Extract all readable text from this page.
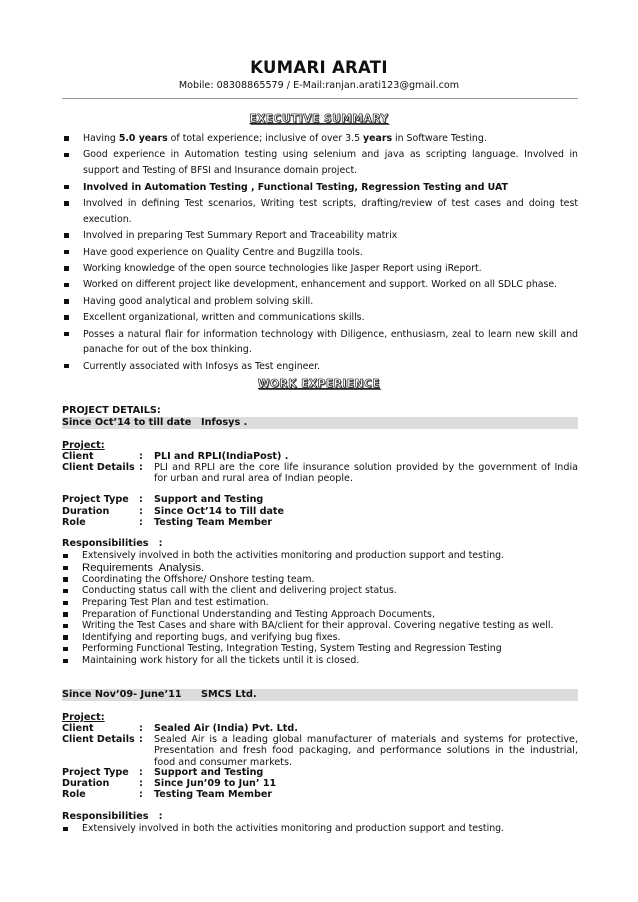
KUMARI ARATI
Mobile: 08308865579 / E-Mail:ranjan.arati123@gmail.com
EXECUTIVE SUMMARY
Having 5.0 years of total experience; inclusive of over 3.5 years in Software Testing.
Good experience in Automation testing using selenium and java as scripting language. Involved in support and Testing of BFSI and Insurance domain project.
Involved in Automation Testing , Functional Testing, Regression Testing and UAT
Involved in defining Test scenarios, Writing test scripts, drafting/review of test cases and doing test execution.
Involved in preparing Test Summary Report and Traceability matrix
Have good experience on Quality Centre and Bugzilla tools.
Working knowledge of the open source technologies like Jasper Report using iReport.
Worked on different project like development, enhancement and support. Worked on all SDLC phase.
Having good analytical and problem solving skill.
Excellent organizational, written and communications skills.
Posses a natural flair for information technology with Diligence, enthusiasm, zeal to learn new skill and panache for out of the box thinking.
Currently associated with Infosys as Test engineer.
WORK EXPERIENCE
PROJECT DETAILS:
Since Oct’14 to till date Infosys .
Project:
Client	: PLI and RPLI(IndiaPost) .
Client Details : PLI and RPLI are the core life insurance solution provided by the government of India for urban and rural area of Indian people.
Project Type : Support and Testing
Duration	: Since Oct’14 to Till date
Role	: Testing Team Member
Responsibilities   :
Extensively involved in both the activities monitoring and production support and testing.
Requirements  Analysis.
Coordinating the Offshore/ Onshore testing team.
Conducting status call with the client and delivering project status.
Preparing Test Plan and test estimation.
Preparation of Functional Understanding and Testing Approach Documents,
Writing the Test Cases and share with BA/client for their approval. Covering negative testing as well.
Identifying and reporting bugs, and verifying bug fixes.
Performing Functional Testing, Integration Testing, System Testing and Regression Testing
Maintaining work history for all the tickets until it is closed.
Since Nov’09- June’11 SMCS Ltd.
Project:
Client	: Sealed Air (India) Pvt. Ltd.
Client Details : Sealed Air is a leading global manufacturer of materials and systems for protective, Presentation and fresh food packaging, and performance solutions in the industrial, food and consumer markets.
Project Type : Support and Testing
Duration	: Since Jun’09 to Jun’ 11
Role	: Testing Team Member
Responsibilities   :
Extensively involved in both the activities monitoring and production support and testing.
